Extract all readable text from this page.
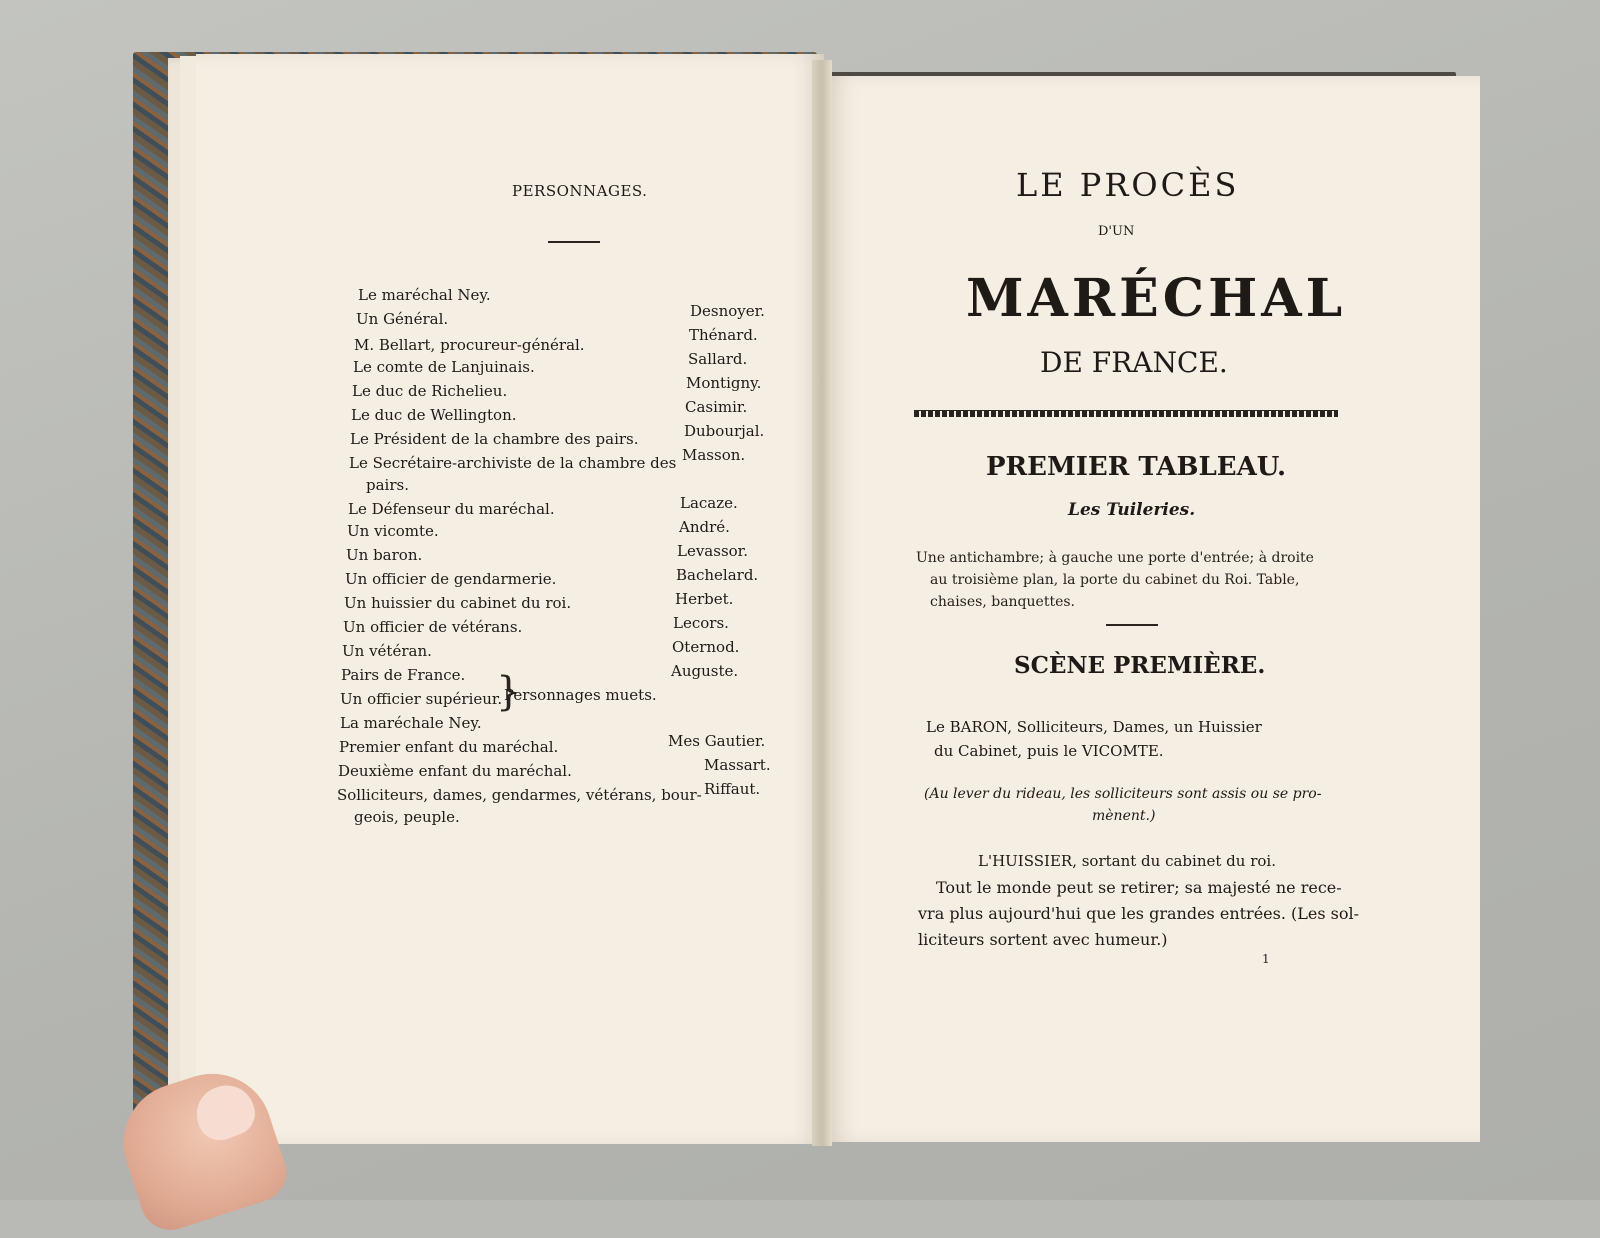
PERSONNAGES.
Le maréchal Ney.
Un Général.
M. Bellart, procureur-général.
Le comte de Lanjuinais.
Le duc de Richelieu.
Le duc de Wellington.
Le Président de la chambre des pairs.
Le Secrétaire-archiviste de la chambre des
pairs.
Le Défenseur du maréchal.
Un vicomte.
Un baron.
Un officier de gendarmerie.
Un huissier du cabinet du roi.
Un officier de vétérans.
Un vétéran.
Pairs de France.
Un officier supérieur.
La maréchale Ney.
Premier enfant du maréchal.
Deuxième enfant du maréchal.
Solliciteurs, dames, gendarmes, vétérans, bour-
geois, peuple.
}
Personnages muets.
Desnoyer.
Thénard.
Sallard.
Montigny.
Casimir.
Dubourjal.
Masson.
Lacaze.
André.
Levassor.
Bachelard.
Herbet.
Lecors.
Oternod.
Auguste.
Mes Gautier.
Massart.
Riffaut.
LE PROCÈS
D'UN
MARÉCHAL
DE FRANCE.
PREMIER TABLEAU.
Les Tuileries.
Une antichambre; à gauche une porte d'entrée; à droite
au troisième plan, la porte du cabinet du Roi. Table,
chaises, banquettes.
SCÈNE PREMIÈRE.
Le BARON, Solliciteurs, Dames, un Huissier
du Cabinet, puis le VICOMTE.
(Au lever du rideau, les solliciteurs sont assis ou se pro-
mènent.)
L'HUISSIER, sortant du cabinet du roi.
Tout le monde peut se retirer; sa majesté ne rece-
vra plus aujourd'hui que les grandes entrées. (Les sol-
liciteurs sortent avec humeur.)
1
